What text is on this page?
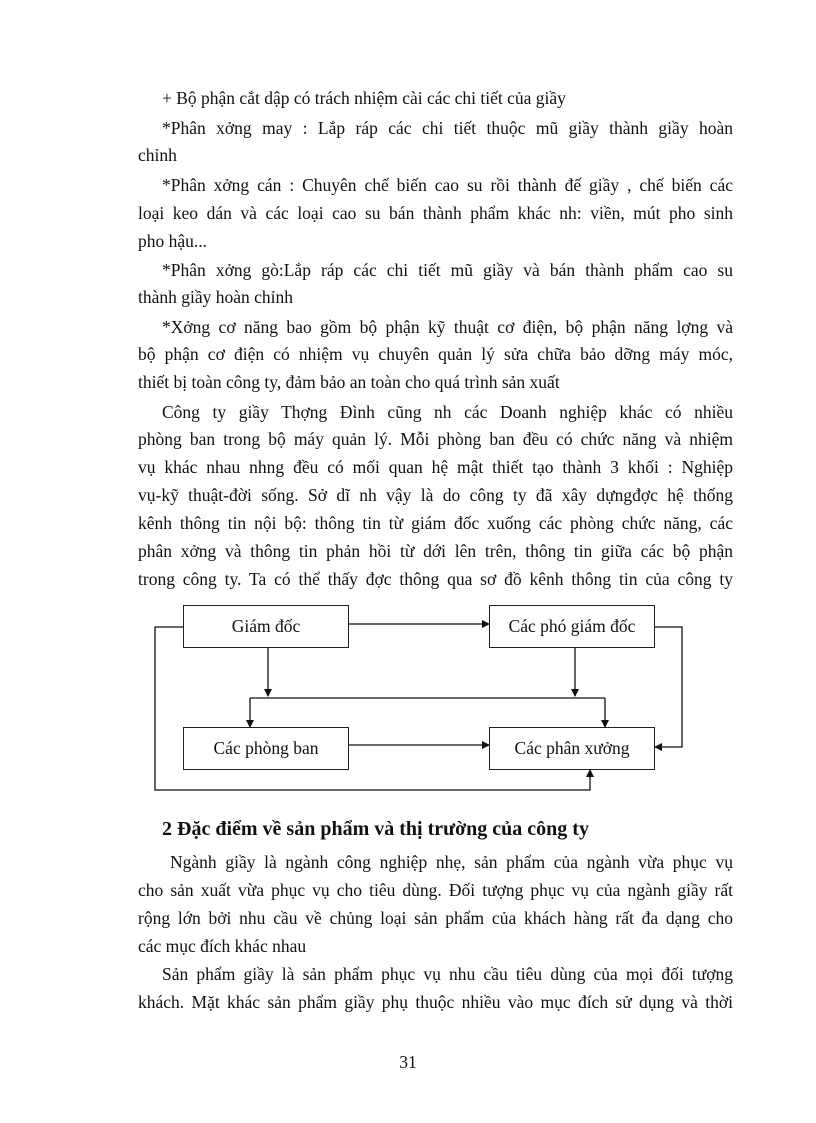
+ Bộ phận cắt dập có trách nhiệm cài các chi tiết của giầy
*Phân xởng may : Lắp ráp các chi tiết thuộc mũ giầy thành giầy hoàn
chỉnh
*Phân xởng cán : Chuyên chế biến cao su rồi thành đế giầy , chế biến các
loại keo dán và các loại cao su bán thành phẩm khác nh: viền, mút pho sinh
pho hậu...
*Phân xởng gò:Lắp ráp các chi tiết mũ giầy và bán thành phẩm cao su
thành giầy hoàn chỉnh
*Xởng cơ năng bao gồm bộ phận kỹ thuật cơ điện, bộ phận năng lợng và
bộ phận cơ điện có nhiệm vụ chuyên quản lý sửa chữa bảo dỡng máy móc,
thiết bị toàn công ty, đảm bảo an toàn cho quá trình sản xuất
Công ty giầy Thợng Đình cũng nh các Doanh nghiệp khác có nhiều
phòng ban trong bộ máy quản lý. Mỗi phòng ban đều có chức năng và nhiệm
vụ khác nhau nhng đều có mối quan hệ mật thiết tạo thành 3 khối : Nghiệp
vụ-kỹ thuật-đời sống. Sở dĩ nh vậy là do công ty đã xây dựngđợc hệ thống
kênh thông tin nội bộ: thông tin từ giám đốc xuống các phòng chức năng, các
phân xởng và thông tin phản hồi từ dới lên trên, thông tin giữa các bộ phận
trong công ty. Ta có thể thấy đợc thông qua sơ đồ kênh thông tin của công ty
Giám đốc	Các phó giám đốc
Các phòng ban	Các phân xưởng
2 Đặc điểm về sản phẩm và thị trường của công ty
Ngành giầy là ngành công nghiệp nhẹ, sản phẩm của ngành vừa phục vụ
cho sản xuất vừa phục vụ cho tiêu dùng. Đối tượng phục vụ của ngành giầy rất
rộng lớn bởi nhu cầu về chủng loại sản phẩm của khách hàng rất đa dạng cho
các mục đích khác nhau
Sản phẩm giầy là sản phẩm phục vụ nhu cầu tiêu dùng của mọi đối tượng
khách. Mặt khác sản phẩm giầy phụ thuộc nhiều vào mục đích sử dụng và thời
31
